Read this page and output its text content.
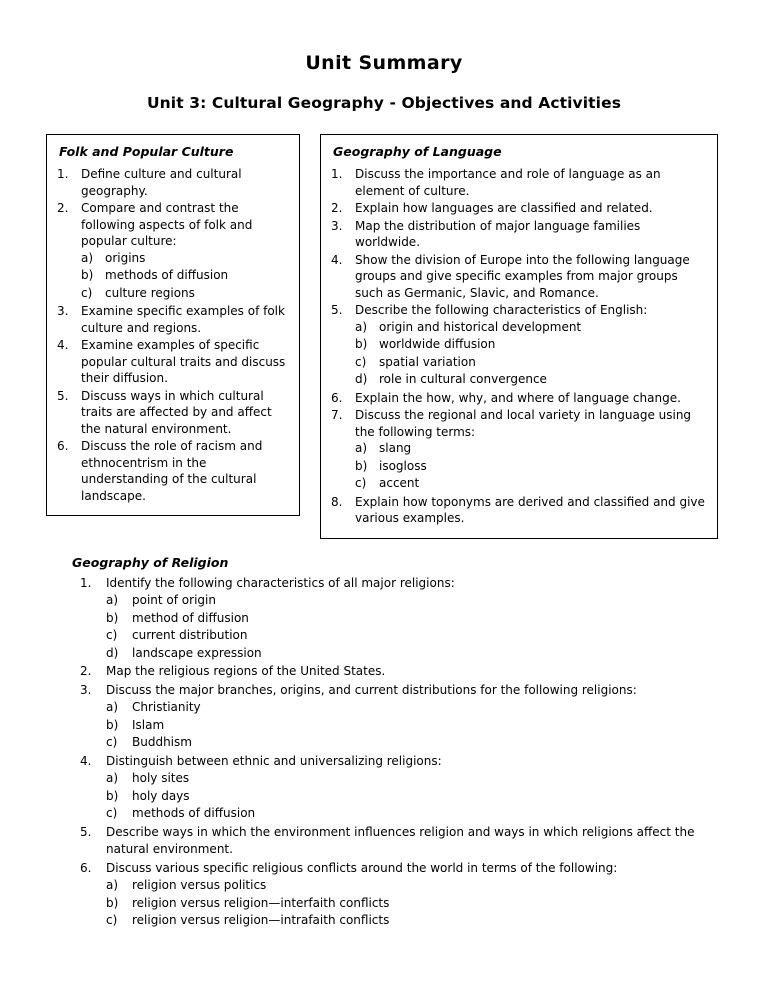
Unit Summary
Unit 3: Cultural Geography - Objectives and Activities
Folk and Popular Culture
1.	Define culture and cultural geography.
2.	Compare and contrast the following aspects of folk and popular culture:
a) origins
b) methods of diffusion
c)	culture regions
3.	Examine specific examples of folk culture and regions.
4.	Examine examples of specific popular cultural traits and discuss their diffusion.
5.	Discuss ways in which cultural traits are affected by and affect the natural environment.
6.	Discuss the role of racism and ethnocentrism in the understanding of the cultural landscape.
Geography of Language
1.	Discuss the importance and role of language as an element of culture.
2.	Explain how languages are classified and related.
3.	Map the distribution of major language families worldwide.
4.	Show the division of Europe into the following language groups and give specific examples from major groups such as Germanic, Slavic, and Romance.
5.	Describe the following characteristics of English:
a) origin and historical development
b) worldwide diffusion
c)	spatial variation
d) role in cultural convergence
6.	Explain the how, why, and where of language change.
7.	Discuss the regional and local variety in language using the following terms:
a) slang
b) isogloss
c)	accent
8.	Explain how toponyms are derived and classified and give various examples.
Geography of Religion
1.	Identify the following characteristics of all major religions:
a)	point of origin
b)	method of diffusion
c)	current distribution
d)	landscape expression
2.	Map the religious regions of the United States.
3.	Discuss the major branches, origins, and current distributions for the following religions:
a)	Christianity
b)	Islam
c)	Buddhism
4.	Distinguish between ethnic and universalizing religions:
a)	holy sites
b)	holy days
c)	methods of diffusion
5.	Describe ways in which the environment influences religion and ways in which religions affect the natural environment.
6.	Discuss various specific religious conflicts around the world in terms of the following:
a)	religion versus politics
b)	religion versus religion—interfaith conflicts
c)	religion versus religion—intrafaith conflicts
